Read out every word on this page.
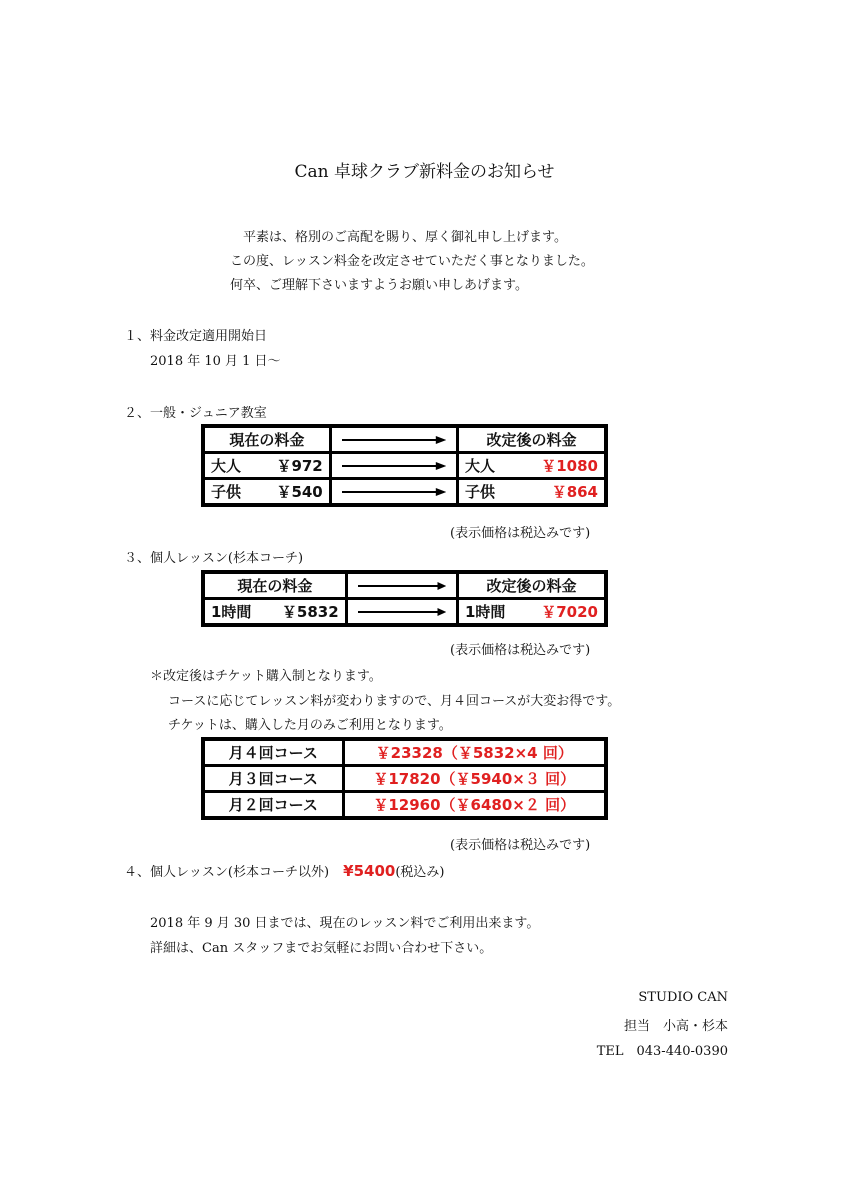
Can 卓球クラブ新料金のお知らせ
平素は、格別のご高配を賜り、厚く御礼申し上げます。
この度、レッスン料金を改定させていただく事となりました。
何卒、ご理解下さいますようお願い申しあげます。
１、料金改定適用開始日
2018 年 10 月 1 日～
２、一般・ジュニア教室
現在の料金		改定後の料金

大人 ￥972		大人 ￥1080

子供 ￥540		子供 ￥864
(表示価格は税込みです)
３、個人レッスン(杉本コーチ)
現在の料金		改定後の料金

1時間 ￥5832		1時間 ￥7020
(表示価格は税込みです)
＊改定後はチケット購入制となります。
コースに応じてレッスン料が変わりますので、月４回コースが大変お得です。
チケットは、購入した月のみご利用となります。
月４回コース	￥23328（￥5832×4 回）
月３回コース	￥17820（￥5940×３ 回）
月２回コース	￥12960（￥6480×２ 回）
(表示価格は税込みです)
４、個人レッスン(杉本コーチ以外) ¥5400(税込み)
2018 年 9 月 30 日までは、現在のレッスン料でご利用出来ます。
詳細は、Can スタッフまでお気軽にお問い合わせ下さい。
STUDIO CAN
担当　小高・杉本
TEL　043-440-0390
